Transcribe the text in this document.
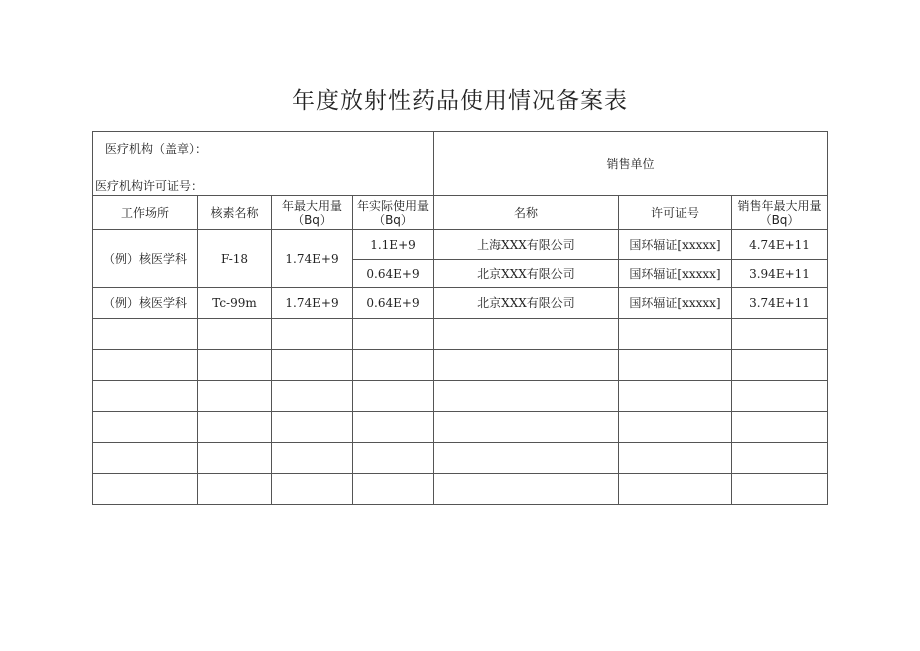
年度放射性药品使用情况备案表
医疗机构（盖章）：
医疗机构许可证号：				销售单位		
工作场所	核素名称	年最大用量（Bq）	年实际使用量（Bq）	名称	许可证号	销售年最大用量（Bq）
（例）核医学科	F-18	1.74E+9	1.1E+9	上海XXX有限公司	国环辐证[xxxxx]	4.74E+11
			0.64E+9	北京XXX有限公司	国环辐证[xxxxx]	3.94E+11
（例）核医学科	Tc-99m	1.74E+9	0.64E+9	北京XXX有限公司	国环辐证[xxxxx]	3.74E+11
